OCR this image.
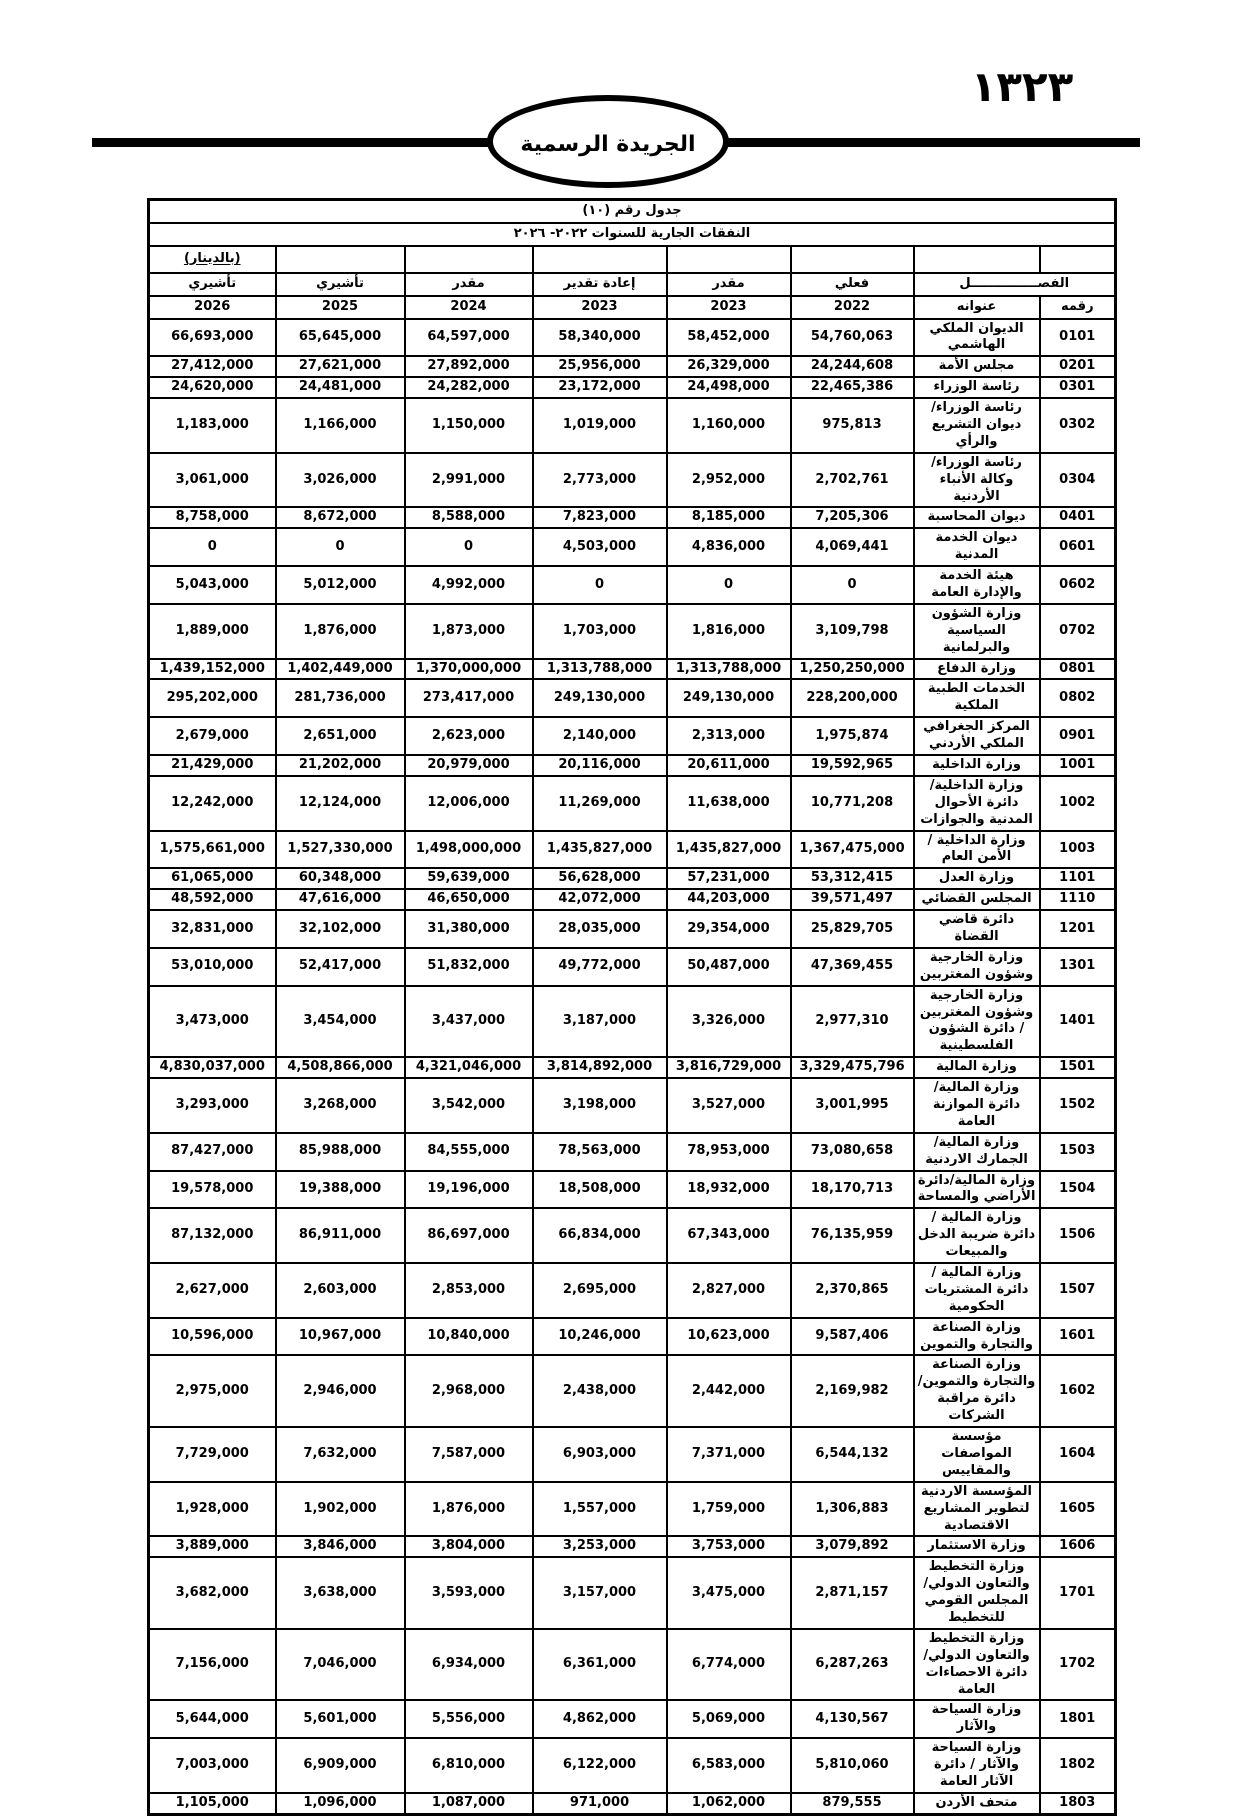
١٣٢٣
الجريدة الرسمية
جدول رقم (١٠)							
النفقات الجارية للسنوات ٢٠٢٢- ٢٠٢٦							
							(بالدينار)
الفصـــــــــــــــل		فعلي	مقدر	إعادة تقدير	مقدر	تأشيري	تأشيري
رقمه	عنوانه	2022	2023	2023	2024	2025	2026
0101	الديوان الملكي الهاشمي	54,760,063	58,452,000	58,340,000	64,597,000	65,645,000	66,693,000
0201	مجلس الأمة	24,244,608	26,329,000	25,956,000	27,892,000	27,621,000	27,412,000
0301	رئاسة الوزراء	22,465,386	24,498,000	23,172,000	24,282,000	24,481,000	24,620,000
0302	رئاسة الوزراء/ديوان التشريع والرأي	975,813	1,160,000	1,019,000	1,150,000	1,166,000	1,183,000
0304	رئاسة الوزراء/وكالة الأنباء الأردنية	2,702,761	2,952,000	2,773,000	2,991,000	3,026,000	3,061,000
0401	ديوان المحاسبة	7,205,306	8,185,000	7,823,000	8,588,000	8,672,000	8,758,000
0601	ديوان الخدمة المدنية	4,069,441	4,836,000	4,503,000	0	0	0
0602	هيئة الخدمة والإدارة العامة	0	0	0	4,992,000	5,012,000	5,043,000
0702	وزارة الشؤون السياسية والبرلمانية	3,109,798	1,816,000	1,703,000	1,873,000	1,876,000	1,889,000
0801	وزارة الدفاع	1,250,250,000	1,313,788,000	1,313,788,000	1,370,000,000	1,402,449,000	1,439,152,000
0802	الخدمات الطبية الملكية	228,200,000	249,130,000	249,130,000	273,417,000	281,736,000	295,202,000
0901	المركز الجغرافي الملكي الأردني	1,975,874	2,313,000	2,140,000	2,623,000	2,651,000	2,679,000
1001	وزارة الداخلية	19,592,965	20,611,000	20,116,000	20,979,000	21,202,000	21,429,000
1002	وزارة الداخلية/ دائرة الأحوال المدنية والجوازات	10,771,208	11,638,000	11,269,000	12,006,000	12,124,000	12,242,000
1003	وزارة الداخلية / الأمن العام	1,367,475,000	1,435,827,000	1,435,827,000	1,498,000,000	1,527,330,000	1,575,661,000
1101	وزارة العدل	53,312,415	57,231,000	56,628,000	59,639,000	60,348,000	61,065,000
1110	المجلس القضائي	39,571,497	44,203,000	42,072,000	46,650,000	47,616,000	48,592,000
1201	دائرة قاضي القضاة	25,829,705	29,354,000	28,035,000	31,380,000	32,102,000	32,831,000
1301	وزارة الخارجية وشؤون المغتربين	47,369,455	50,487,000	49,772,000	51,832,000	52,417,000	53,010,000
1401	وزارة الخارجية وشؤون المغتربين / دائرة الشؤون الفلسطينية	2,977,310	3,326,000	3,187,000	3,437,000	3,454,000	3,473,000
1501	وزارة المالية	3,329,475,796	3,816,729,000	3,814,892,000	4,321,046,000	4,508,866,000	4,830,037,000
1502	وزارة المالية/ دائرة الموازنة العامة	3,001,995	3,527,000	3,198,000	3,542,000	3,268,000	3,293,000
1503	وزارة المالية/ الجمارك الاردنية	73,080,658	78,953,000	78,563,000	84,555,000	85,988,000	87,427,000
1504	وزارة المالية/دائرة الأراضي والمساحة	18,170,713	18,932,000	18,508,000	19,196,000	19,388,000	19,578,000
1506	وزارة المالية / دائرة ضريبة الدخل والمبيعات	76,135,959	67,343,000	66,834,000	86,697,000	86,911,000	87,132,000
1507	وزارة المالية / دائرة المشتريات الحكومية	2,370,865	2,827,000	2,695,000	2,853,000	2,603,000	2,627,000
1601	وزارة الصناعة والتجارة والتموين	9,587,406	10,623,000	10,246,000	10,840,000	10,967,000	10,596,000
1602	وزارة الصناعة والتجارة والتموين/دائرة مراقبة الشركات	2,169,982	2,442,000	2,438,000	2,968,000	2,946,000	2,975,000
1604	مؤسسة المواصفات والمقاييس	6,544,132	7,371,000	6,903,000	7,587,000	7,632,000	7,729,000
1605	المؤسسة الاردنية لتطوير المشاريع الاقتصادية	1,306,883	1,759,000	1,557,000	1,876,000	1,902,000	1,928,000
1606	وزارة الاستثمار	3,079,892	3,753,000	3,253,000	3,804,000	3,846,000	3,889,000
1701	وزارة التخطيط والتعاون الدولي/ المجلس القومي للتخطيط	2,871,157	3,475,000	3,157,000	3,593,000	3,638,000	3,682,000
1702	وزارة التخطيط والتعاون الدولي/ دائرة الاحصاءات العامة	6,287,263	6,774,000	6,361,000	6,934,000	7,046,000	7,156,000
1801	وزارة السياحة والآثار	4,130,567	5,069,000	4,862,000	5,556,000	5,601,000	5,644,000
1802	وزارة السياحة والآثار / دائرة الآثار العامة	5,810,060	6,583,000	6,122,000	6,810,000	6,909,000	7,003,000
1803	متحف الأردن	879,555	1,062,000	971,000	1,087,000	1,096,000	1,105,000
